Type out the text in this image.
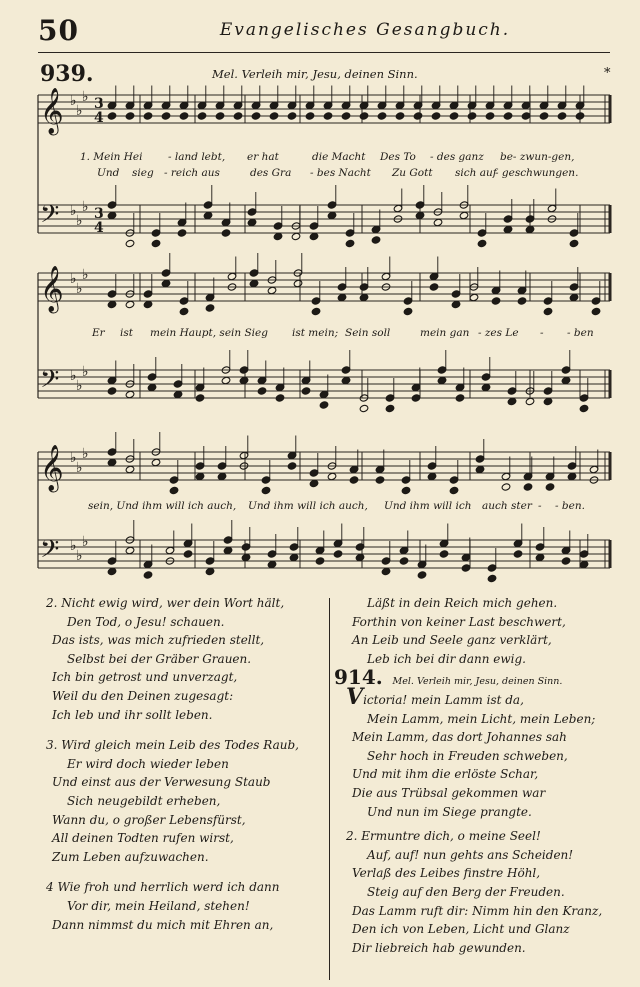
50	Evangelisches Gesangbuch.
939.	Mel. Verleih mir, Jesu, deinen Sinn.	*
𝄞 ♭
♭
♭ 3
4
𝄢 ♭
♭
♭ 3
4
𝄞 ♭
♭
♭
𝄢 ♭
♭
♭
𝄞 ♭
♭
♭
𝄢 ♭
♭
♭
1. Mein Hei - land lebt, er hat	die Macht Des To - des ganz be- zwun-gen,
Und sieg - reich aus	des Gra - bes Nacht Zu Gott sich auf
- geschwungen.
Er ist mein Haupt, sein Sieg ist mein; Sein soll	mein gan - zes Le - - ben
sein, Und ihm will ich auch, Und ihm will ich auch, Und ihm will ich auch ster - - ben.
2. Nicht ewig wird, wer dein Wort hält,
Den Tod, o Jesu! schauen.
Das ists, was mich zufrieden stellt,
Selbst bei der Gräber Grauen.
Ich bin getrost und unverzagt,
Weil du den Deinen zugesagt:
Ich leb und ihr sollt leben.
3. Wird gleich mein Leib des Todes Raub,
Er wird doch wieder leben
Und einst aus der Verwesung Staub
Sich neugebildt erheben,
Wann du, o großer Lebensfürst,
All deinen Todten rufen wirst,
Zum Leben aufzuwachen.
4 Wie froh und herrlich werd ich dann
Vor dir, mein Heiland, stehen!
Dann nimmst du mich mit Ehren an,
Läßt in dein Reich mich gehen.
Forthin von keiner Last beschwert,
An Leib und Seele ganz verklärt,
Leb ich bei dir dann ewig.
914. Mel. Verleih mir, Jesu, deinen Sinn.
Victoria! mein Lamm ist da,
Mein Lamm, mein Licht, mein Leben;
Mein Lamm, das dort Johannes sah
Sehr hoch in Freuden schweben,
Und mit ihm die erlöste Schar,
Die aus Trübsal gekommen war
Und nun im Siege prangte.
2. Ermuntre dich, o meine Seel!
Auf, auf! nun gehts ans Scheiden!
Verlaß des Leibes finstre Höhl,
Steig auf den Berg der Freuden.
Das Lamm ruft dir: Nimm hin den Kranz,
Den ich von Leben, Licht und Glanz
Dir liebreich hab gewunden.
